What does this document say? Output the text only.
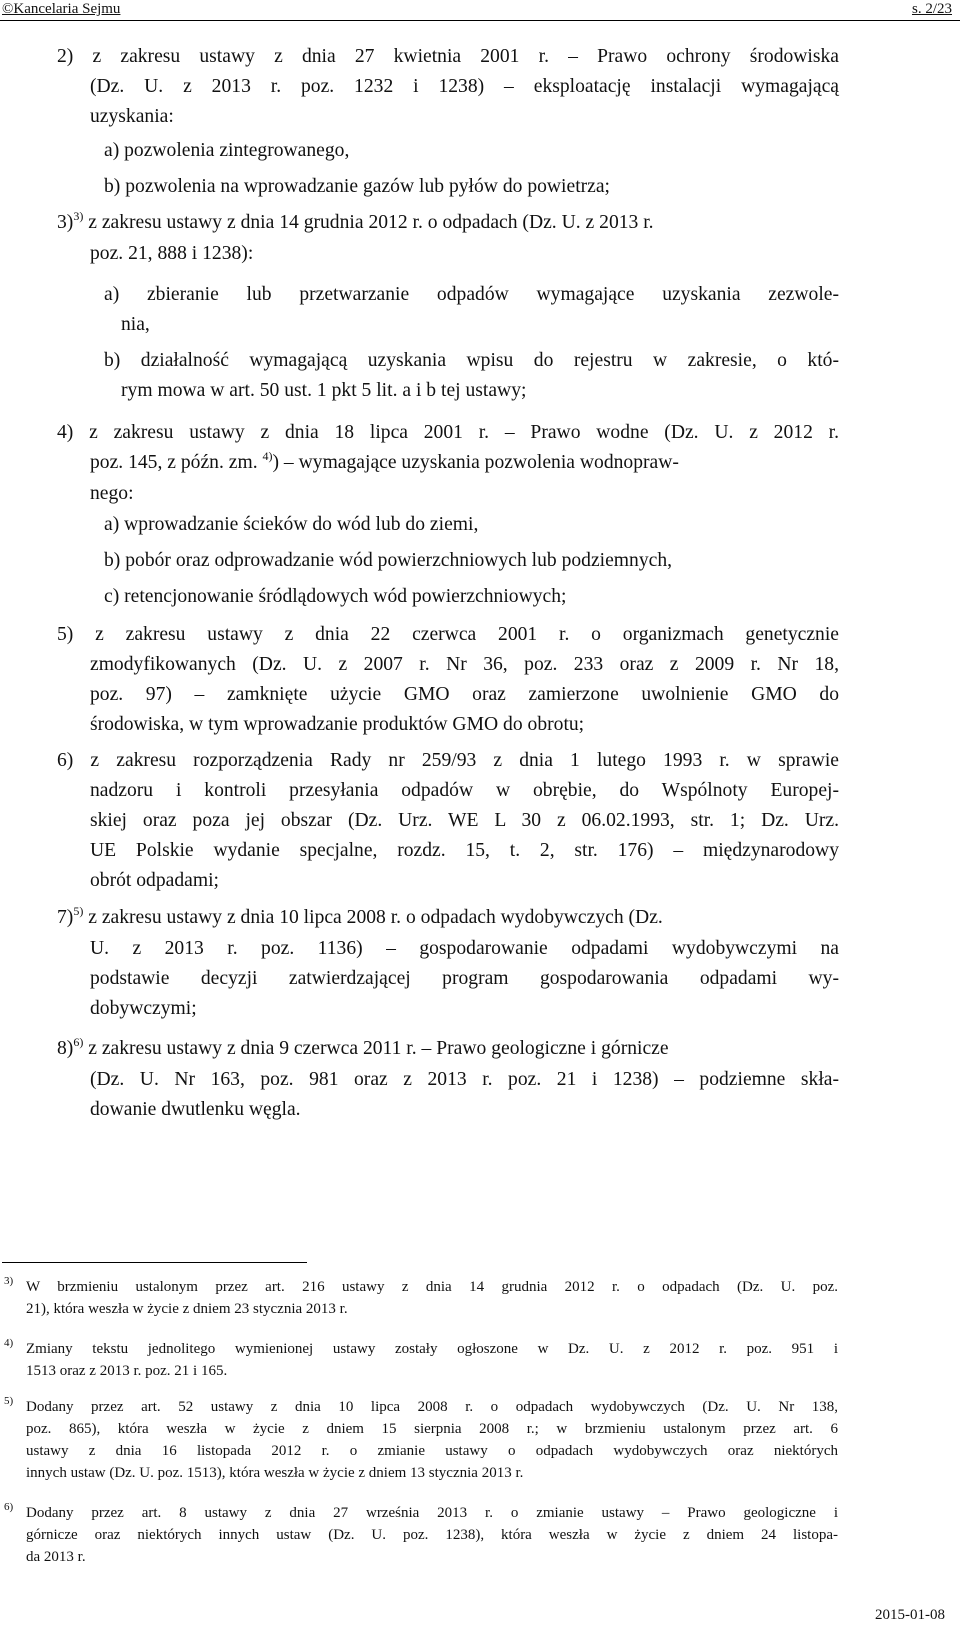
©Kancelaria Sejmu	s. 2/23
2) z zakresu ustawy z dnia 27 kwietnia 2001 r. – Prawo ochrony środowiska
(Dz. U. z 2013 r. poz. 1232 i 1238) – eksploatację instalacji wymagającą
uzyskania:
a) pozwolenia zintegrowanego,
b) pozwolenia na wprowadzanie gazów lub pyłów do powietrza;
3)$^{3)}$ z zakresu ustawy z dnia 14 grudnia 2012 r. o odpadach (Dz. U. z 2013 r.
poz. 21, 888 i 1238):
a) zbieranie lub przetwarzanie odpadów wymagające uzyskania zezwole-
nia,
b) działalność wymagającą uzyskania wpisu do rejestru w zakresie, o któ-
rym mowa w art. 50 ust. 1 pkt 5 lit. a i b tej ustawy;
4) z zakresu ustawy z dnia 18 lipca 2001 r. – Prawo wodne (Dz. U. z 2012 r.
poz. 145, z późn. zm. $^{4)}$) – wymagające uzyskania pozwolenia wodnopraw-
nego:
a) wprowadzanie ścieków do wód lub do ziemi,
b) pobór oraz odprowadzanie wód powierzchniowych lub podziemnych,
c) retencjonowanie śródlądowych wód powierzchniowych;
5) z zakresu ustawy z dnia 22 czerwca 2001 r. o organizmach genetycznie
zmodyfikowanych (Dz. U. z 2007 r. Nr 36, poz. 233 oraz z 2009 r. Nr 18,
poz. 97) – zamknięte użycie GMO oraz zamierzone uwolnienie GMO do
środowiska, w tym wprowadzanie produktów GMO do obrotu;
6) z zakresu rozporządzenia Rady nr 259/93 z dnia 1 lutego 1993 r. w sprawie
nadzoru i kontroli przesyłania odpadów w obrębie, do Wspólnoty Europej-
skiej oraz poza jej obszar (Dz. Urz. WE L 30 z 06.02.1993, str. 1; Dz. Urz.
UE Polskie wydanie specjalne, rozdz. 15, t. 2, str. 176) – międzynarodowy
obrót odpadami;
7)$^{5)}$ z zakresu ustawy z dnia 10 lipca 2008 r. o odpadach wydobywczych (Dz.
U. z 2013 r. poz. 1136) – gospodarowanie odpadami wydobywczymi na
podstawie decyzji zatwierdzającej program gospodarowania odpadami wy-
dobywczymi;
8)$^{6)}$ z zakresu ustawy z dnia 9 czerwca 2011 r. – Prawo geologiczne i górnicze
(Dz. U. Nr 163, poz. 981 oraz z 2013 r. poz. 21 i 1238) – podziemne skła-
dowanie dwutlenku węgla.
3) W brzmieniu ustalonym przez art. 216 ustawy z dnia 14 grudnia 2012 r. o odpadach (Dz. U. poz.
21), która weszła w życie z dniem 23 stycznia 2013 r.
4) Zmiany tekstu jednolitego wymienionej ustawy zostały ogłoszone w Dz. U. z 2012 r. poz. 951 i
1513 oraz z 2013 r. poz. 21 i 165.
5) Dodany przez art. 52 ustawy z dnia 10 lipca 2008 r. o odpadach wydobywczych (Dz. U. Nr 138,
poz. 865), która weszła w życie z dniem 15 sierpnia 2008 r.; w brzmieniu ustalonym przez art. 6
ustawy z dnia 16 listopada 2012 r. o zmianie ustawy o odpadach wydobywczych oraz niektórych
innych ustaw (Dz. U. poz. 1513), która weszła w życie z dniem 13 stycznia 2013 r.
6) Dodany przez art. 8 ustawy z dnia 27 września 2013 r. o zmianie ustawy – Prawo geologiczne i
górnicze oraz niektórych innych ustaw (Dz. U. poz. 1238), która weszła w życie z dniem 24 listopa-
da 2013 r.
2015-01-08
